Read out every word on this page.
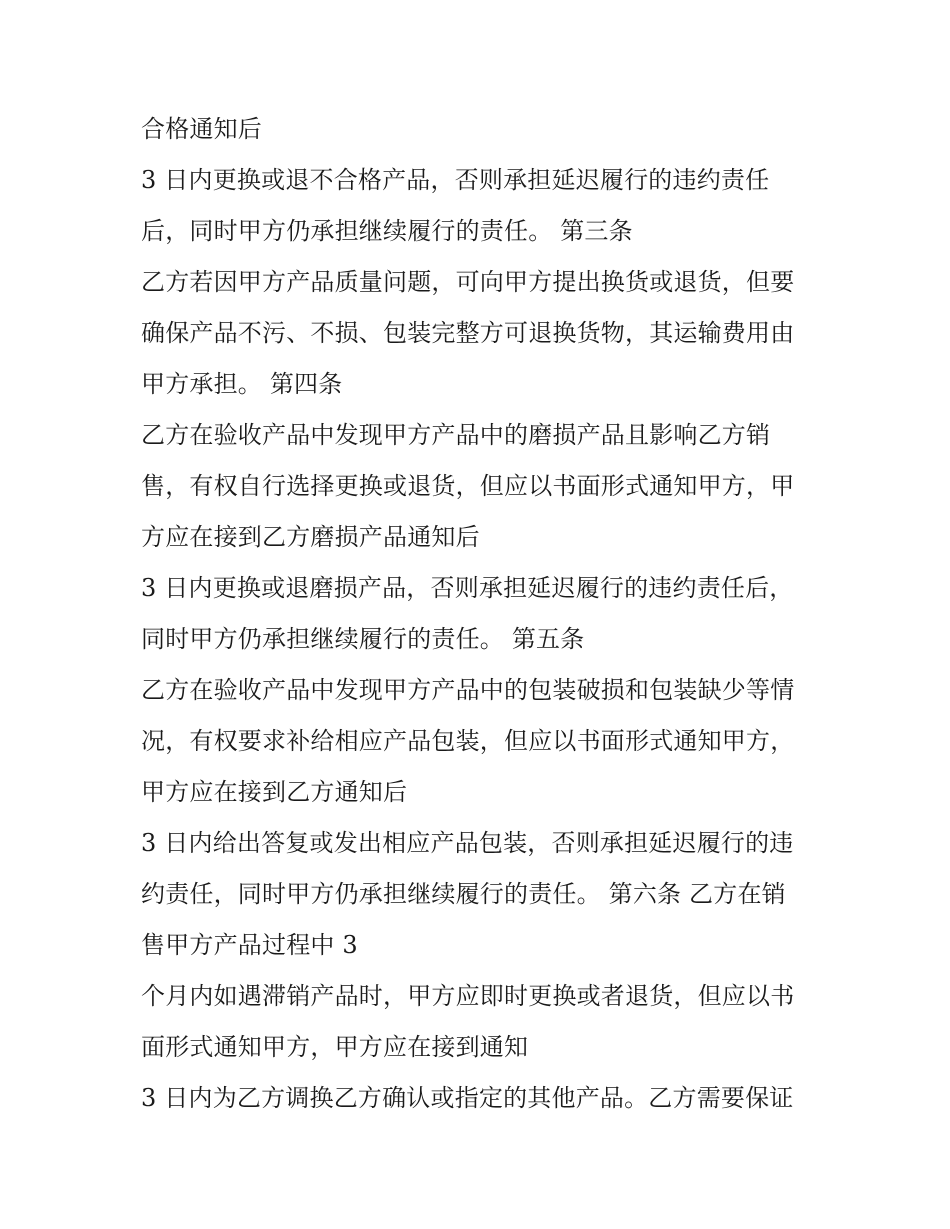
合格通知后
3 日内更换或退不合格产品，否则承担延迟履行的违约责任
后，同时甲方仍承担继续履行的责任。 第三条
乙方若因甲方产品质量问题，可向甲方提出换货或退货，但要
确保产品不污、不损、包装完整方可退换货物，其运输费用由
甲方承担。 第四条
乙方在验收产品中发现甲方产品中的磨损产品且影响乙方销
售，有权自行选择更换或退货，但应以书面形式通知甲方，甲
方应在接到乙方磨损产品通知后
3 日内更换或退磨损产品，否则承担延迟履行的违约责任后，
同时甲方仍承担继续履行的责任。 第五条
乙方在验收产品中发现甲方产品中的包装破损和包装缺少等情
况，有权要求补给相应产品包装，但应以书面形式通知甲方，
甲方应在接到乙方通知后
3 日内给出答复或发出相应产品包装，否则承担延迟履行的违
约责任，同时甲方仍承担继续履行的责任。 第六条 乙方在销
售甲方产品过程中 3
个月内如遇滞销产品时，甲方应即时更换或者退货，但应以书
面形式通知甲方，甲方应在接到通知
3 日内为乙方调换乙方确认或指定的其他产品。乙方需要保证
